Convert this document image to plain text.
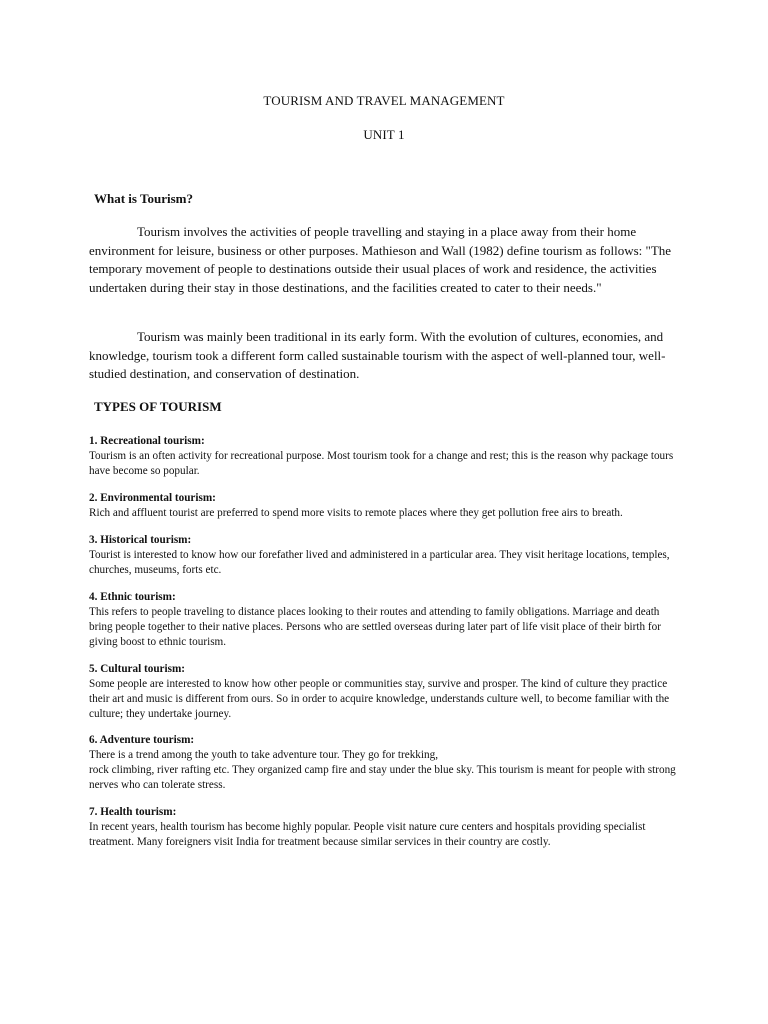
TOURISM AND TRAVEL MANAGEMENT
UNIT 1
What is Tourism?
Tourism involves the activities of people travelling and staying in a place away from their home environment for leisure, business or other purposes. Mathieson and Wall (1982) define tourism as follows: "The temporary movement of people to destinations outside their usual places of work and residence, the activities undertaken during their stay in those destinations, and the facilities created to cater to their needs."
Tourism was mainly been traditional in its early form. With the evolution of cultures, economies, and knowledge, tourism took a different form called sustainable tourism with the aspect of well-planned tour, well-studied destination, and conservation of destination.
TYPES OF TOURISM
1. Recreational tourism:
Tourism is an often activity for recreational purpose. Most tourism took for a change and rest; this is the reason why package tours have become so popular.
2. Environmental tourism:
Rich and affluent tourist are preferred to spend more visits to remote places where they get pollution free airs to breath.
3. Historical tourism:
Tourist is interested to know how our forefather lived and administered in a particular area. They visit heritage locations, temples, churches, museums, forts etc.
4. Ethnic tourism:
This refers to people traveling to distance places looking to their routes and attending to family obligations. Marriage and death bring people together to their native places. Persons who are settled overseas during later part of life visit place of their birth for giving boost to ethnic tourism.
5. Cultural tourism:
Some people are interested to know how other people or communities stay, survive and prosper. The kind of culture they practice their art and music is different from ours. So in order to acquire knowledge, understands culture well, to become familiar with the culture; they undertake journey.
6. Adventure tourism:
There is a trend among the youth to take adventure tour. They go for trekking,
rock climbing, river rafting etc. They organized camp fire and stay under the blue sky. This tourism is meant for people with strong nerves who can tolerate stress.
7. Health tourism:
In recent years, health tourism has become highly popular. People visit nature cure centers and hospitals providing specialist treatment. Many foreigners visit India for treatment because similar services in their country are costly.
